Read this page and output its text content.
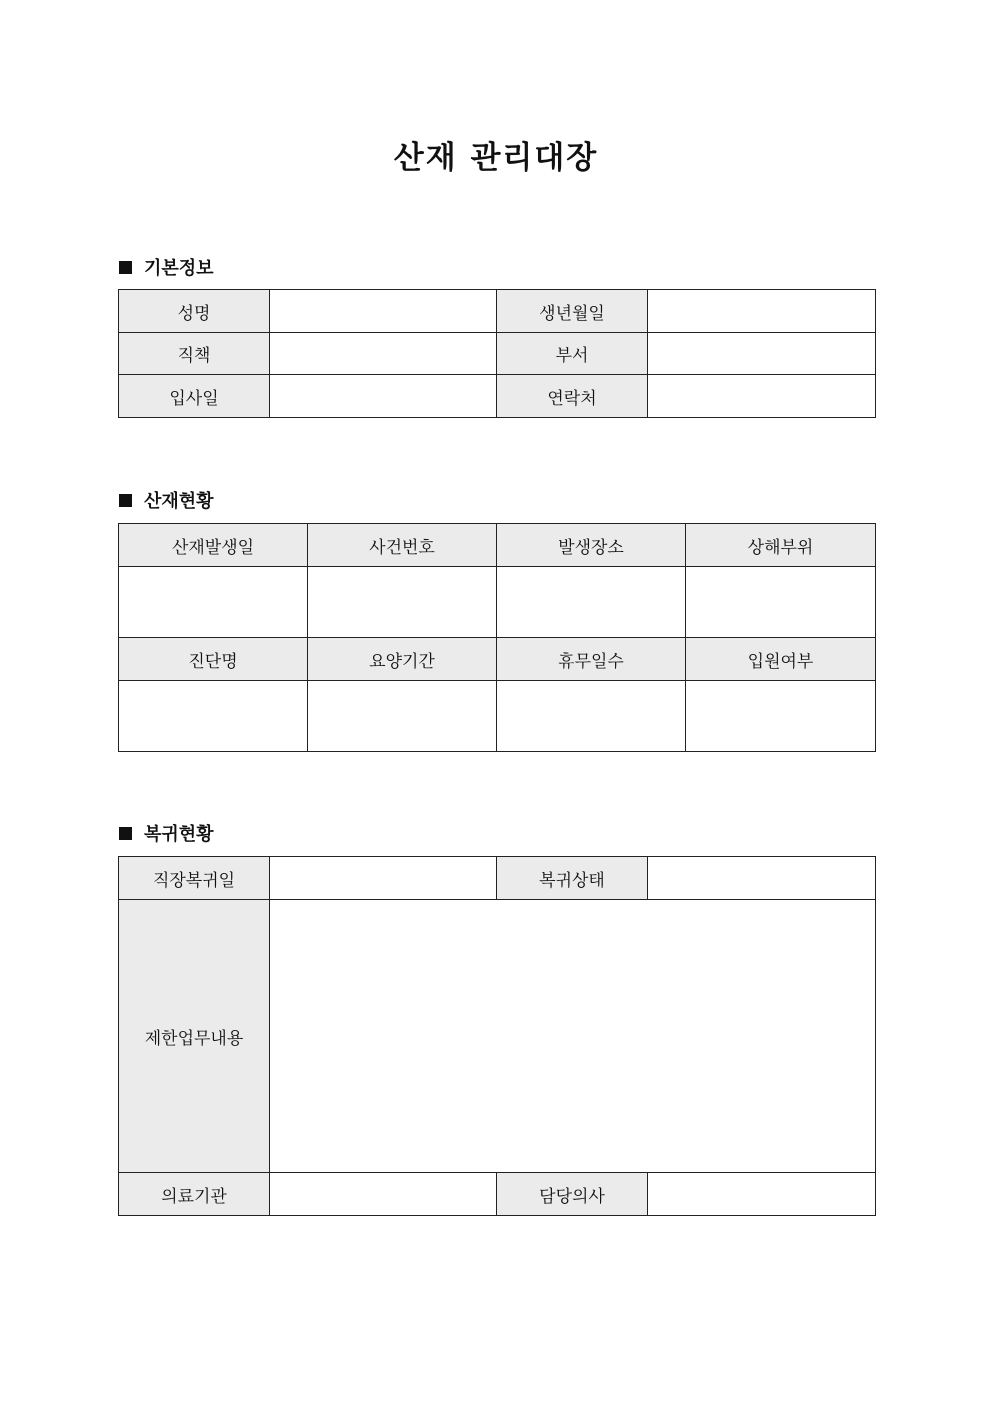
산재 관리대장
기본정보
성명		생년월일	
직책		부서	
입사일		연락처	
산재현황
산재발생일	사건번호	발생장소	상해부위

진단명	요양기간	휴무일수	입원여부

복귀현황
직장복귀일		복귀상태	
제한업무내용			
의료기관		담당의사	
